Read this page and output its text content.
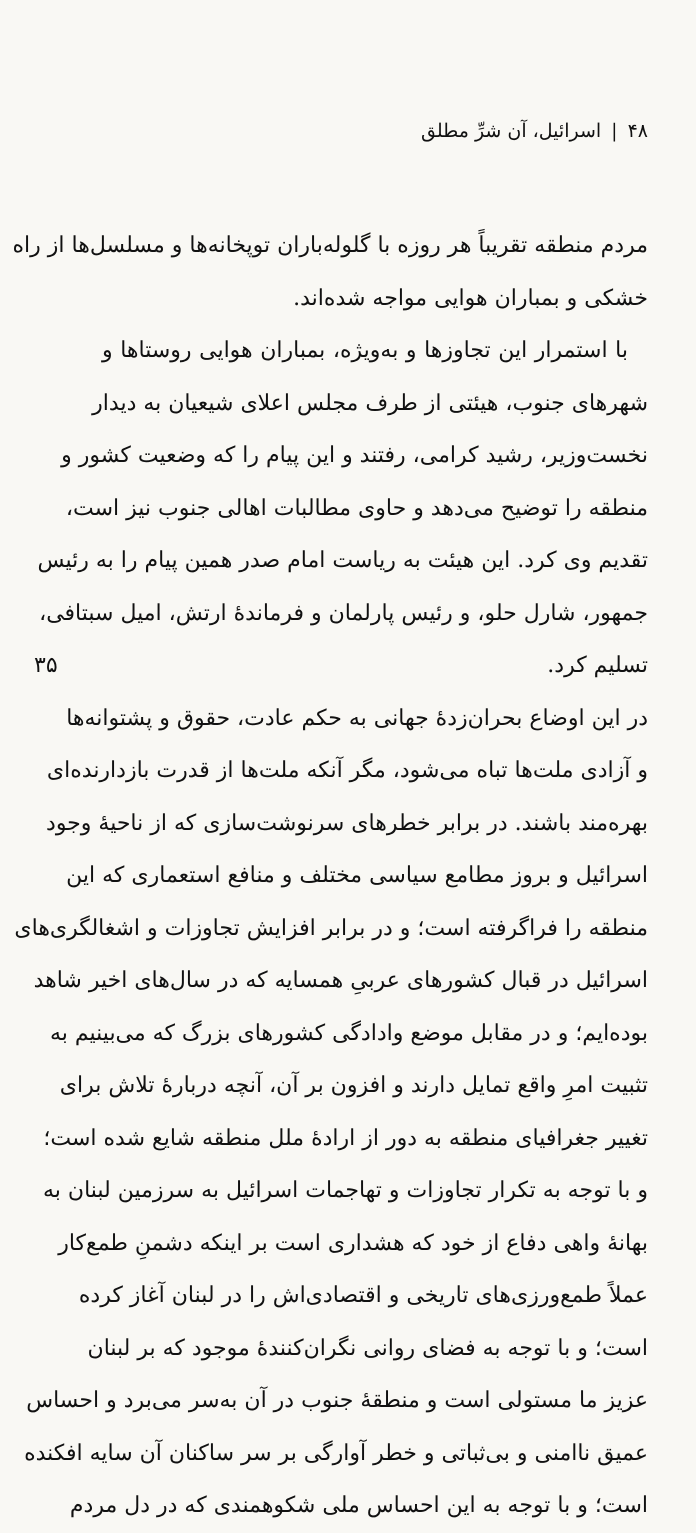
۴۸|اسرائیل، آن شرِّ مطلق
۳۵
مردم منطقه تقریباً هر روزه با گلوله‌باران توپخانه‌ها و مسلسل‌ها از راه
خشکی و بمباران هوایی مواجه شده‌اند.
با استمرار این تجاوزها و به‌ویژه، بمباران هوایی روستاها و
شهرهای جنوب، هیئتی از طرف مجلس اعلای شیعیان به دیدار
نخست‌وزیر، رشید کرامی، رفتند و این پیام را که وضعیت کشور و
منطقه را توضیح می‌دهد و حاوی مطالبات اهالی جنوب نیز است،
تقدیم وی کرد. این هیئت به ریاست امام صدر همین پیام را به رئیس
جمهور، شارل حلو، و رئیس پارلمان و فرماندهٔ ارتش، امیل سبتافی،
تسلیم کرد.
در این اوضاع بحران‌زدهٔ جهانی به حکم عادت، حقوق و پشتوانه‌ها
و آزادی ملت‌ها تباه می‌شود، مگر آنکه ملت‌ها از قدرت بازدارنده‌ای
بهره‌مند باشند. در برابر خطرهای سرنوشت‌سازی که از ناحیهٔ وجود
اسرائیل و بروز مطامع سیاسی مختلف و منافع استعماری که این
منطقه را فراگرفته است؛ و در برابر افزایش تجاوزات و اشغالگری‌های
اسرائیل در قبال کشورهای عربیِ همسایه که در سال‌های اخیر شاهد
بوده‌ایم؛ و در مقابل موضع وادادگی کشورهای بزرگ که می‌بینیم به
تثبیت امرِ واقع تمایل دارند و افزون بر آن، آنچه دربارهٔ تلاش برای
تغییر جغرافیای منطقه به دور از ارادهٔ ملل منطقه شایع شده است؛
و با توجه به تکرار تجاوزات و تهاجمات اسرائیل به سرزمین لبنان به
بهانهٔ واهی دفاع از خود که هشداری است بر اینکه دشمنِ طمع‌کار
عملاً طمع‌ورزی‌های تاریخی و اقتصادی‌اش را در لبنان آغاز کرده
است؛ و با توجه به فضای روانی نگران‌کنندهٔ موجود که بر لبنان
عزیز ما مستولی است و منطقهٔ جنوب در آن به‌سر می‌برد و احساس
عمیق ناامنی و بی‌ثباتی و خطر آوارگی بر سر ساکنان آن سایه افکنده
است؛ و با توجه به این احساس ملی شکوهمندی که در دل مردم
